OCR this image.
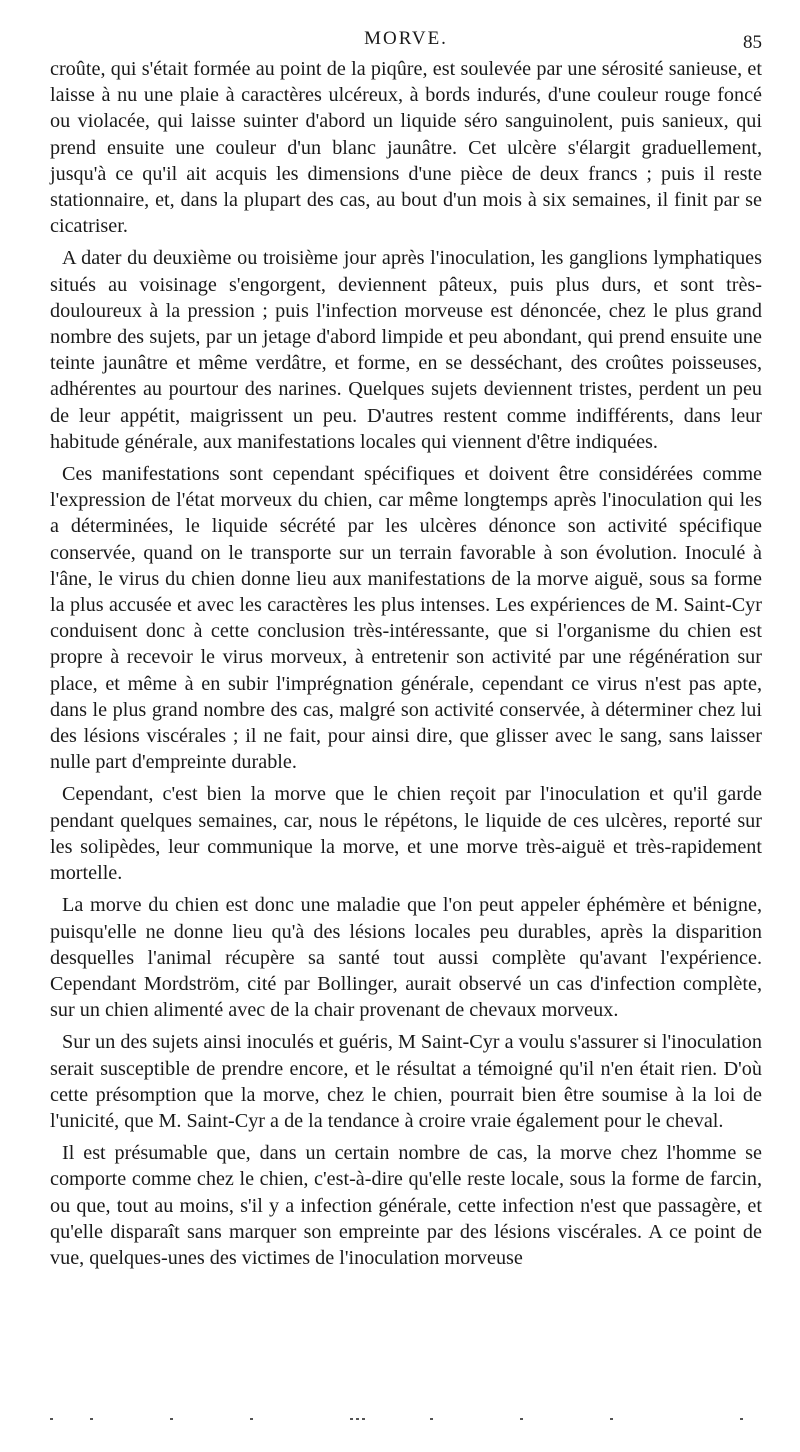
MORVE.	85

croûte, qui s'était formée au point de la piqûre, est soulevée par une sérosité sanieuse, et laisse à nu une plaie à caractères ulcéreux, à bords indurés, d'une couleur rouge foncé ou violacée, qui laisse suinter d'abord un liquide séro sanguinolent, puis sanieux, qui prend ensuite une couleur d'un blanc jaunâtre. Cet ulcère s'élargit graduellement, jusqu'à ce qu'il ait acquis les dimensions d'une pièce de deux francs ; puis il reste stationnaire, et, dans la plupart des cas, au bout d'un mois à six semaines, il finit par se cicatriser.

A dater du deuxième ou troisième jour après l'inoculation, les ganglions lymphatiques situés au voisinage s'engorgent, deviennent pâteux, puis plus durs, et sont très-douloureux à la pression ; puis l'infection morveuse est dénoncée, chez le plus grand nombre des sujets, par un jetage d'abord limpide et peu abondant, qui prend ensuite une teinte jaunâtre et même verdâtre, et forme, en se desséchant, des croûtes poisseuses, adhérentes au pourtour des narines. Quelques sujets deviennent tristes, perdent un peu de leur appétit, maigrissent un peu. D'autres restent comme indifférents, dans leur habitude générale, aux manifestations locales qui viennent d'être indiquées.

Ces manifestations sont cependant spécifiques et doivent être considérées comme l'expression de l'état morveux du chien, car même longtemps après l'inoculation qui les a déterminées, le liquide sécrété par les ulcères dénonce son activité spécifique conservée, quand on le transporte sur un terrain favorable à son évolution. Inoculé à l'âne, le virus du chien donne lieu aux manifestations de la morve aiguë, sous sa forme la plus accusée et avec les caractères les plus intenses. Les expériences de M. Saint-Cyr conduisent donc à cette conclusion très-intéressante, que si l'organisme du chien est propre à recevoir le virus morveux, à entretenir son activité par une régénération sur place, et même à en subir l'imprégnation générale, cependant ce virus n'est pas apte, dans le plus grand nombre des cas, malgré son activité conservée, à déterminer chez lui des lésions viscérales ; il ne fait, pour ainsi dire, que glisser avec le sang, sans laisser nulle part d'empreinte durable.

Cependant, c'est bien la morve que le chien reçoit par l'inoculation et qu'il garde pendant quelques semaines, car, nous le répétons, le liquide de ces ulcères, reporté sur les solipèdes, leur communique la morve, et une morve très-aiguë et très-rapidement mortelle.

La morve du chien est donc une maladie que l'on peut appeler éphémère et bénigne, puisqu'elle ne donne lieu qu'à des lésions locales peu durables, après la disparition desquelles l'animal récupère sa santé tout aussi complète qu'avant l'expérience. Cependant Mordström, cité par Bollinger, aurait observé un cas d'infection complète, sur un chien alimenté avec de la chair provenant de chevaux morveux.

Sur un des sujets ainsi inoculés et guéris, M Saint-Cyr a voulu s'assurer si l'inoculation serait susceptible de prendre encore, et le résultat a témoigné qu'il n'en était rien. D'où cette présomption que la morve, chez le chien, pourrait bien être soumise à la loi de l'unicité, que M. Saint-Cyr a de la tendance à croire vraie également pour le cheval.

Il est présumable que, dans un certain nombre de cas, la morve chez l'homme se comporte comme chez le chien, c'est-à-dire qu'elle reste locale, sous la forme de farcin, ou que, tout au moins, s'il y a infection générale, cette infection n'est que passagère, et qu'elle disparaît sans marquer son empreinte par des lésions viscérales. A ce point de vue, quelques-unes des victimes de l'inoculation morveuse
